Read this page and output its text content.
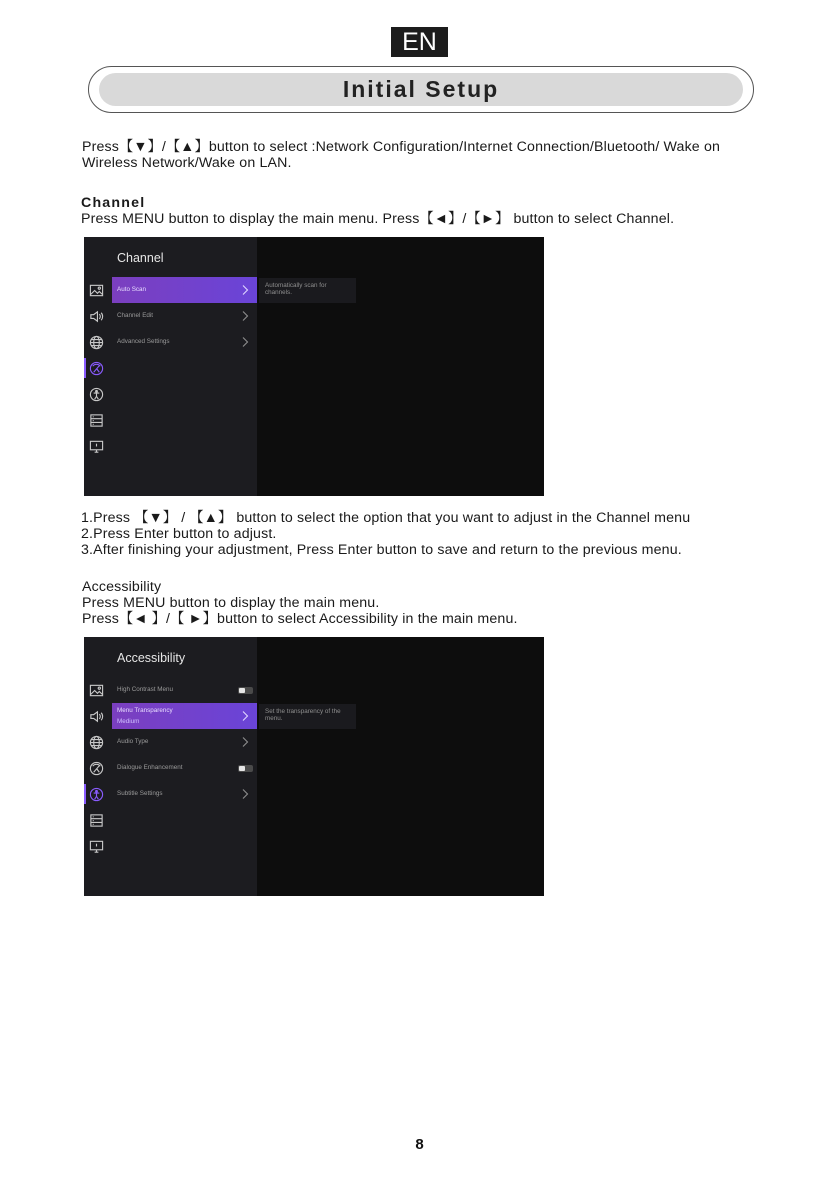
EN
Initial Setup
Press【▼】/【▲】button to select :Network Configuration/Internet Connection/Bluetooth/ Wake on
Wireless Network/Wake on LAN.
Channel
Press MENU button to display the main menu. Press【◄】/【►】 button to select Channel.
Channel
Auto Scan
Channel Edit
Advanced Settings
Automatically scan for channels.
1.Press 【▼】 / 【▲】 button to select the option that you want to adjust in the Channel menu
2.Press Enter button to adjust.
3.After finishing your adjustment, Press Enter button to save and return to the previous menu.
Accessibility
Press MENU button to display the main menu.
Press【◄ 】/【 ►】button to select Accessibility in the main menu.
Accessibility
High Contrast Menu
Menu Transparency
Medium
Audio Type
Dialogue Enhancement
Subtitle Settings
Set the transparency of the menu.
8
